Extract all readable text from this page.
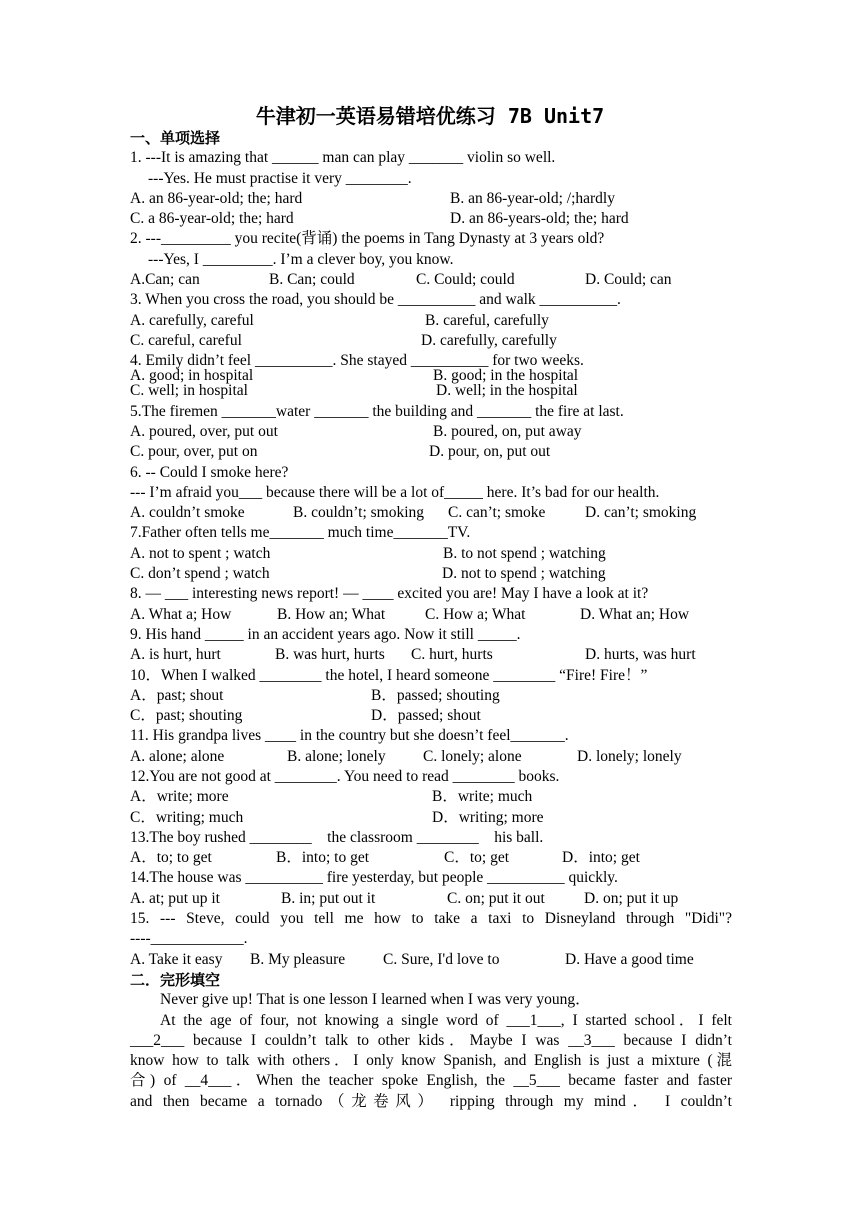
牛津初一英语易错培优练习 7B Unit7
一、单项选择
1. ---It is amazing that ______ man can play _______ violin so well.
---Yes. He must practise it very ________.
A. an 86-year-old; the; hard	B. an 86-year-old; /;hardly
C. a 86-year-old; the; hard	D. an 86-years-old; the; hard
2. ---_________ you recite(背诵) the poems in Tang Dynasty at 3 years old?
---Yes, I _________. I’m a clever boy, you know.
A.Can; can	B. Can; could	C. Could; could	D. Could; can
3. When you cross the road, you should be __________ and walk __________.
A. carefully, careful	B. careful, carefully
C. careful, careful	D. carefully, carefully
4. Emily didn’t feel __________. She stayed __________ for two weeks.
A. good; in hospital	B. good; in the hospital
C. well; in hospital	D. well; in the hospital
5.The firemen _______water _______ the building and _______ the fire at last.
A. poured, over, put out	B. poured, on, put away
C. pour, over, put on	D. pour, on, put out
6. -- Could I smoke here?
--- I’m afraid you___ because there will be a lot of_____ here. It’s bad for our health.
A. couldn’t smoke	B. couldn’t; smoking C. can’t; smoke	D. can’t; smoking
7.Father often tells me_______ much time_______TV.
A. not to spent ; watch	B. to not spend ; watching
C. don’t spend ; watch	D. not to spend ; watching
8. — ___ interesting news report! — ____ excited you are! May I have a look at it?
A. What a; How	B. How an; What	C. How a; What	D. What an; How
9. His hand _____ in an accident years ago. Now it still _____.
A. is hurt, hurt	B. was hurt, hurts C. hurt, hurts	D. hurts, was hurt
10．When I walked ________ the hotel, I heard someone ________ “Fire! Fire！”
A．past; shout	B．passed; shouting
C．past; shouting	D．passed; shout
11. His grandpa lives ____ in the country but she doesn’t feel_______.
A. alone; alone	B. alone; lonely C. lonely; alone	D. lonely; lonely
12.You are not good at ________. You need to read ________ books.
A．write; more	B．write; much
C．writing; much	D．writing; more
13.The boy rushed ________    the classroom ________    his ball.
A．to; to get	B．into; to get	C．to; get	D．into; get
14.The house was __________ fire yesterday, but people __________ quickly.
A. at; put up it	B. in; put out it	C. on; put it out	D. on; put it up
15. --- Steve, could you tell me how to take a taxi to Disneyland through "Didi"?
----____________.
A. Take it easy B. My pleasure C. Sure, I'd love to	D. Have a good time
二．完形填空
Never give up! That is one lesson I learned when I was very young．
At the age of four, not knowing a single word of ___1___, I started school．I felt
___2___ because I couldn’t talk to other kids．Maybe I was __3___ because I didn’t
know how to talk with others．I only know Spanish, and English is just a mixture (混
合) of __4___．When the teacher spoke English, the __5___ became faster and faster
and then became a tornado（龙卷风） ripping through my mind． I couldn’t
